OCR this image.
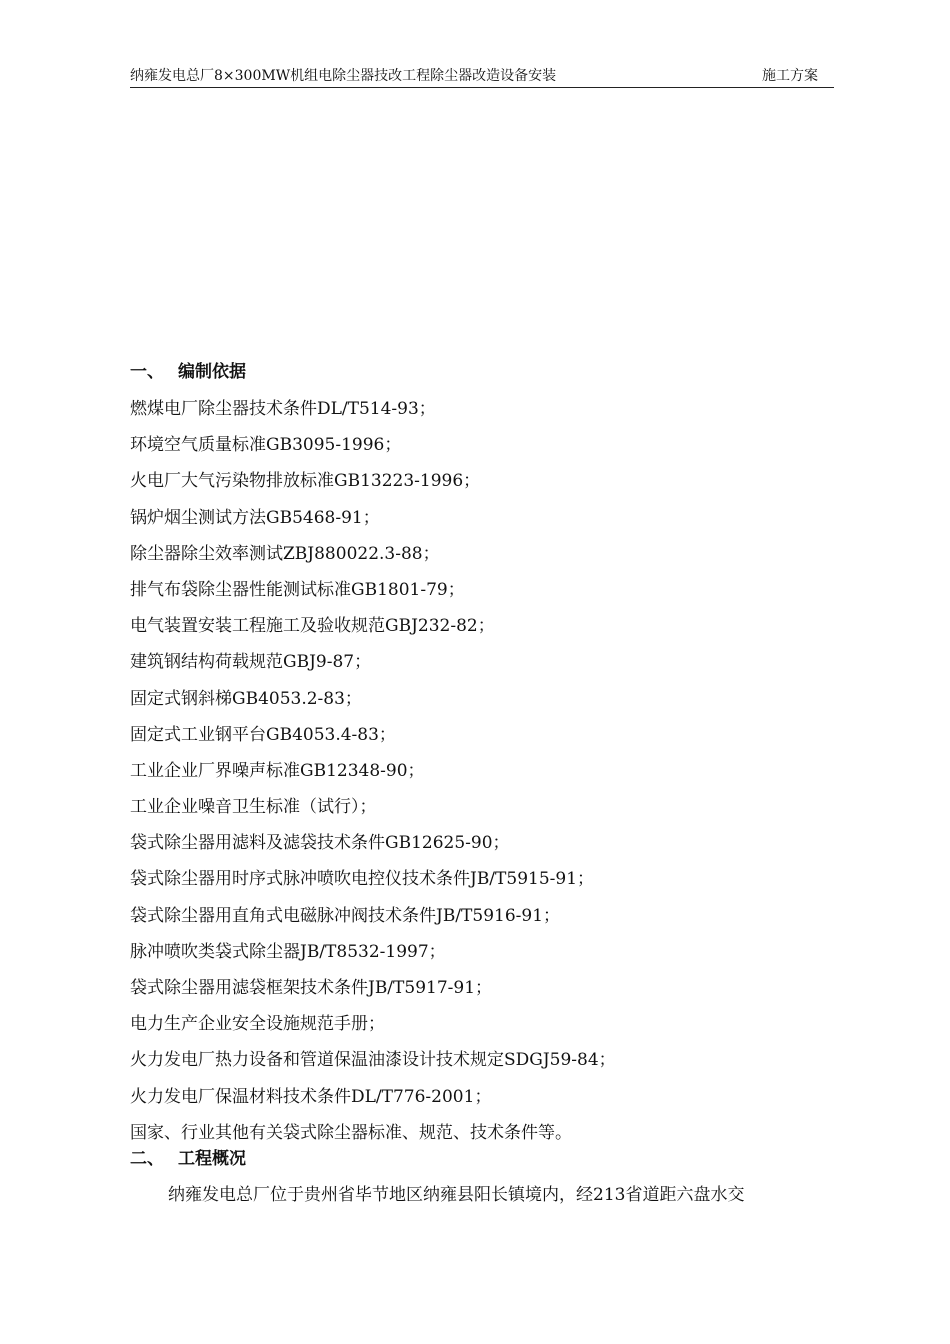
纳雍发电总厂8×300MW机组电除尘器技改工程除尘器改造设备安装	施工方案
一、 编制依据
燃煤电厂除尘器技术条件DL/T514-93；
环境空气质量标准GB3095-1996；
火电厂大气污染物排放标准GB13223-1996；
锅炉烟尘测试方法GB5468-91；
除尘器除尘效率测试ZBJ880022.3-88；
排气布袋除尘器性能测试标准GB1801-79；
电气装置安装工程施工及验收规范GBJ232-82；
建筑钢结构荷载规范GBJ9-87；
固定式钢斜梯GB4053.2-83；
固定式工业钢平台GB4053.4-83；
工业企业厂界噪声标准GB12348-90；
工业企业噪音卫生标准（试行）；
袋式除尘器用滤料及滤袋技术条件GB12625-90；
袋式除尘器用时序式脉冲喷吹电控仪技术条件JB/T5915-91；
袋式除尘器用直角式电磁脉冲阀技术条件JB/T5916-91；
脉冲喷吹类袋式除尘器JB/T8532-1997；
袋式除尘器用滤袋框架技术条件JB/T5917-91；
电力生产企业安全设施规范手册；
火力发电厂热力设备和管道保温油漆设计技术规定SDGJ59-84；
火力发电厂保温材料技术条件DL/T776-2001；
国家、行业其他有关袋式除尘器标准、规范、技术条件等。
二、 工程概况
纳雍发电总厂位于贵州省毕节地区纳雍县阳长镇境内，经213省道距六盘水交
